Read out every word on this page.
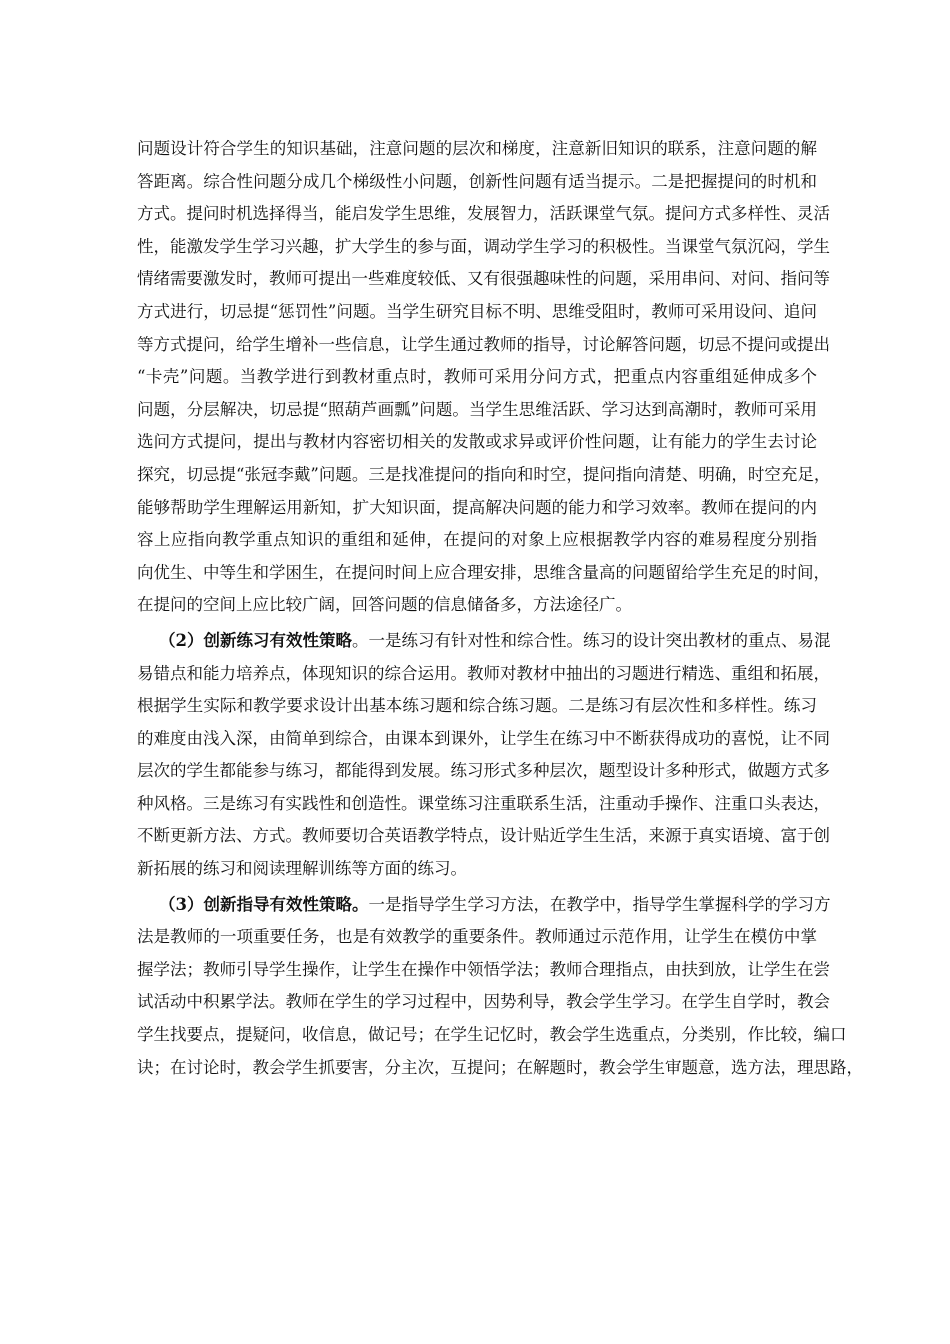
问题设计符合学生的知识基础，注意问题的层次和梯度，注意新旧知识的联系，注意问题的解
答距离。综合性问题分成几个梯级性小问题，创新性问题有适当提示。二是把握提问的时机和
方式。提问时机选择得当，能启发学生思维，发展智力，活跃课堂气氛。提问方式多样性、灵活
性，能激发学生学习兴趣，扩大学生的参与面，调动学生学习的积极性。当课堂气氛沉闷，学生
情绪需要激发时，教师可提出一些难度较低、又有很强趣味性的问题，采用串问、对问、指问等
方式进行，切忌提“惩罚性”问题。当学生研究目标不明、思维受阻时，教师可采用设问、追问
等方式提问，给学生增补一些信息，让学生通过教师的指导，讨论解答问题，切忌不提问或提出
“卡壳”问题。当教学进行到教材重点时，教师可采用分问方式，把重点内容重组延伸成多个
问题，分层解决，切忌提“照葫芦画瓢”问题。当学生思维活跃、学习达到高潮时，教师可采用
选问方式提问，提出与教材内容密切相关的发散或求异或评价性问题，让有能力的学生去讨论
探究，切忌提“张冠李戴”问题。三是找准提问的指向和时空，提问指向清楚、明确，时空充足，
能够帮助学生理解运用新知，扩大知识面，提高解决问题的能力和学习效率。教师在提问的内
容上应指向教学重点知识的重组和延伸，在提问的对象上应根据教学内容的难易程度分别指
向优生、中等生和学困生，在提问时间上应合理安排，思维含量高的问题留给学生充足的时间，
在提问的空间上应比较广阔，回答问题的信息储备多，方法途径广。
（2）创新练习有效性策略。一是练习有针对性和综合性。练习的设计突出教材的重点、易混
易错点和能力培养点，体现知识的综合运用。教师对教材中抽出的习题进行精选、重组和拓展，
根据学生实际和教学要求设计出基本练习题和综合练习题。二是练习有层次性和多样性。练习
的难度由浅入深，由简单到综合，由课本到课外，让学生在练习中不断获得成功的喜悦，让不同
层次的学生都能参与练习，都能得到发展。练习形式多种层次，题型设计多种形式，做题方式多
种风格。三是练习有实践性和创造性。课堂练习注重联系生活，注重动手操作、注重口头表达，
不断更新方法、方式。教师要切合英语教学特点，设计贴近学生生活，来源于真实语境、富于创
新拓展的练习和阅读理解训练等方面的练习。
（3）创新指导有效性策略。一是指导学生学习方法，在教学中，指导学生掌握科学的学习方
法是教师的一项重要任务，也是有效教学的重要条件。教师通过示范作用，让学生在模仿中掌
握学法；教师引导学生操作，让学生在操作中领悟学法；教师合理指点，由扶到放，让学生在尝
试活动中积累学法。教师在学生的学习过程中，因势利导，教会学生学习。在学生自学时，教会
学生找要点，提疑问，收信息，做记号；在学生记忆时，教会学生选重点，分类别，作比较，编口
诀；在讨论时，教会学生抓要害，分主次，互提问；在解题时，教会学生审题意，选方法，理思路，
